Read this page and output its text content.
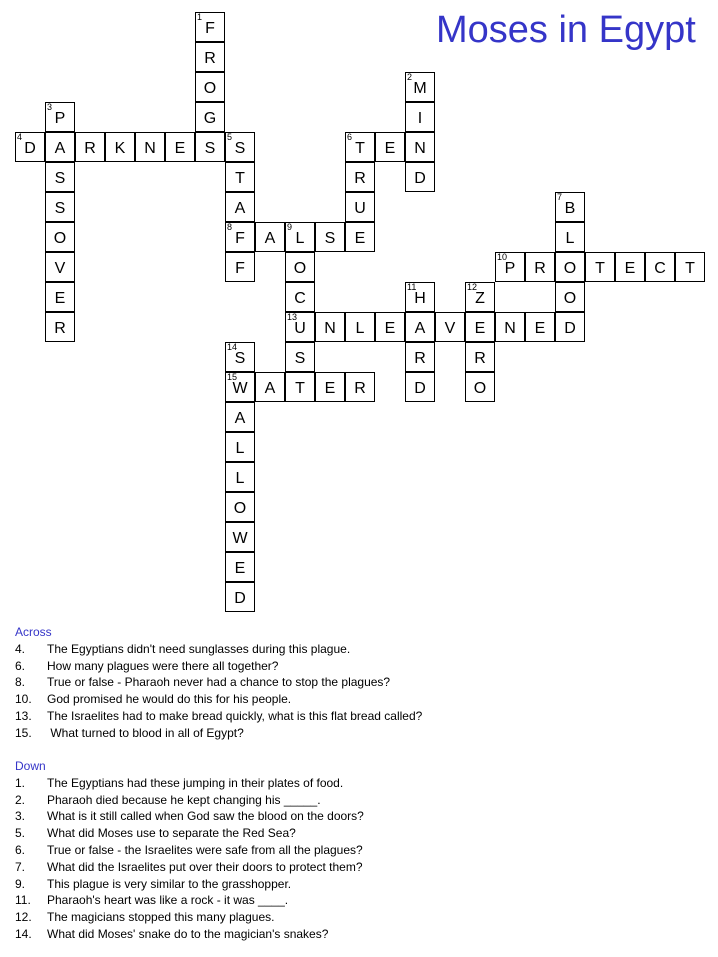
Moses in Egypt
1
F
R
O
2
M
3
P	G	I
4
D	A	R	K	N	E	S
5
S
6
T	E	N
S	T	R	D
S	A	U
7
B
O
8
F	A
9
L	S	E	L
V	F	O
10
P	R	O	T	E	C	T
E	C
11
H
12
Z	O
R
13
U	N	L	E	A	V	E	N	E	D
14
S	S	R	R
15
W	A	T	E	R	D	O
A
L
L
O
W
E
D
Across
4. The Egyptians didn't need sunglasses during this plague.
6. How many plagues were there all together?
8. True or false - Pharaoh never had a chance to stop the plagues?
10. God promised he would do this for his people.
13. The Israelites had to make bread quickly, what is this flat bread called?
15. What turned to blood in all of Egypt?
Down
1. The Egyptians had these jumping in their plates of food.
2. Pharaoh died because he kept changing his _____.
3. What is it still called when God saw the blood on the doors?
5. What did Moses use to separate the Red Sea?
6. True or false - the Israelites were safe from all the plagues?
7. What did the Israelites put over their doors to protect them?
9. This plague is very similar to the grasshopper.
11. Pharaoh's heart was like a rock - it was ____.
12. The magicians stopped this many plagues.
14. What did Moses' snake do to the magician's snakes?
